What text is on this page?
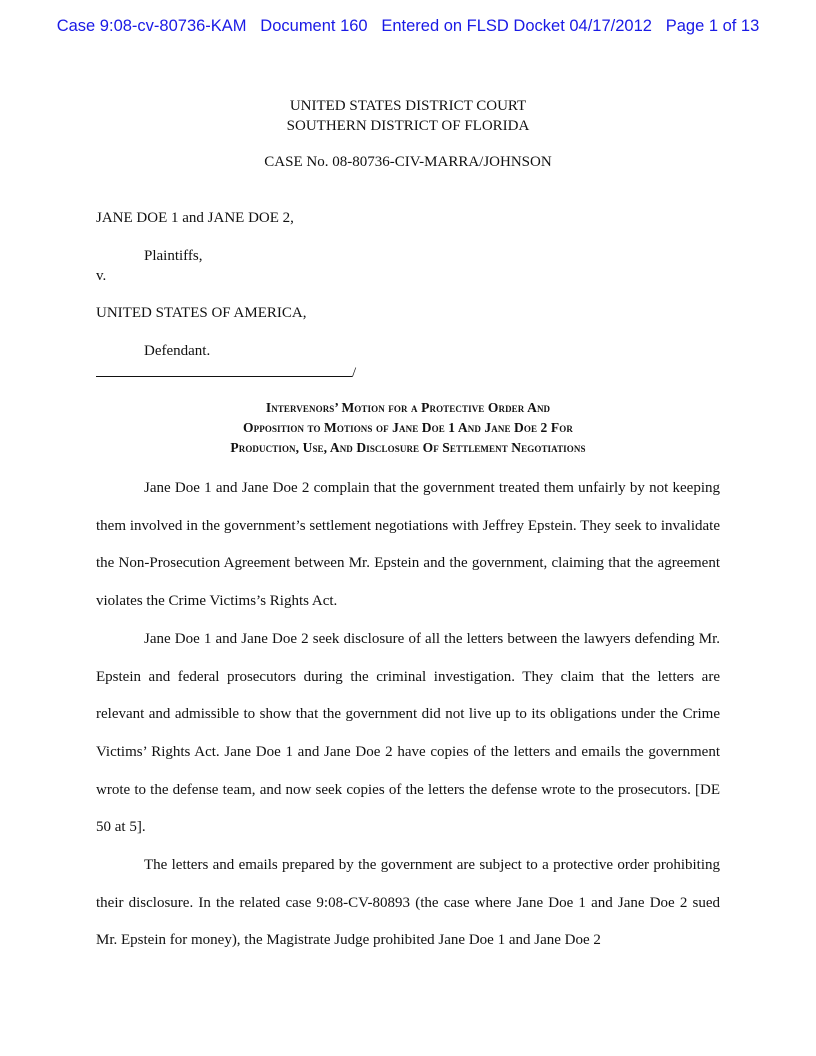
Case 9:08-cv-80736-KAM   Document 160   Entered on FLSD Docket 04/17/2012   Page 1 of 13
UNITED STATES DISTRICT COURT
SOUTHERN DISTRICT OF FLORIDA
CASE No. 08-80736-CIV-MARRA/JOHNSON
JANE DOE 1 and JANE DOE 2,
Plaintiffs,
v.
UNITED STATES OF AMERICA,
Defendant.
/
Intervenors’ Motion for a Protective Order And
Opposition to Motions of Jane Doe 1 And Jane Doe 2 For
Production, Use, And Disclosure Of Settlement Negotiations

Jane Doe 1 and Jane Doe 2 complain that the government treated them unfairly by not keeping them involved in the government’s settlement negotiations with Jeffrey Epstein. They seek to invalidate the Non-Prosecution Agreement between Mr. Epstein and the government, claiming that the agreement violates the Crime Victims’s Rights Act.

Jane Doe 1 and Jane Doe 2 seek disclosure of all the letters between the lawyers defending Mr. Epstein and federal prosecutors during the criminal investigation. They claim that the letters are relevant and admissible to show that the government did not live up to its obligations under the Crime Victims’ Rights Act. Jane Doe 1 and Jane Doe 2 have copies of the letters and emails the government wrote to the defense team, and now seek copies of the letters the defense wrote to the prosecutors. [DE 50 at 5].

The letters and emails prepared by the government are subject to a protective order prohibiting their disclosure. In the related case 9:08-CV-80893 (the case where Jane Doe 1 and Jane Doe 2 sued Mr. Epstein for money), the Magistrate Judge prohibited Jane Doe 1 and Jane Doe 2
